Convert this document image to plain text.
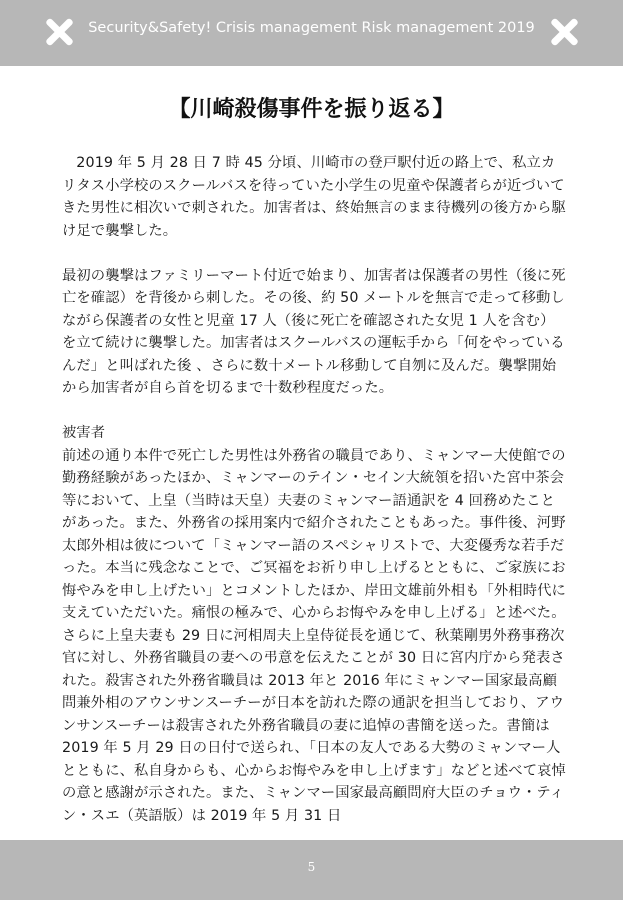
Security&Safety! Crisis management Risk management 2019
【川崎殺傷事件を振り返る】

2019 年 5 月 28 日 7 時 45 分頃、川崎市の登戸駅付近の路上で、私立カリタス小学校のスクールバスを待っていた小学生の児童や保護者らが近づいてきた男性に相次いで刺された。加害者は、終始無言のまま待機列の後方から駆け足で襲撃した。

最初の襲撃はファミリーマート付近で始まり、加害者は保護者の男性（後に死亡を確認）を背後から刺した。その後、約 50 メートルを無言で走って移動しながら保護者の女性と児童 17 人（後に死亡を確認された女児 1 人を含む）を立て続けに襲撃した。加害者はスクールバスの運転手から「何をやっているんだ」と叫ばれた後 、さらに数十メートル移動して自刎に及んだ。襲撃開始から加害者が自ら首を切るまで十数秒程度だった。

被害者

前述の通り本件で死亡した男性は外務省の職員であり、ミャンマー大使館での勤務経験があったほか、ミャンマーのテイン・セイン大統領を招いた宮中茶会等において、上皇（当時は天皇）夫妻のミャンマー語通訳を 4 回務めたことがあった。また、外務省の採用案内で紹介されたこともあった。事件後、河野太郎外相は彼について「ミャンマー語のスペシャリストで、大変優秀な若手だった。本当に残念なことで、ご冥福をお祈り申し上げるとともに、ご家族にお悔やみを申し上げたい」とコメントしたほか、岸田文雄前外相も「外相時代に支えていただいた。痛恨の極みで、心からお悔やみを申し上げる」と述べた。さらに上皇夫妻も 29 日に河相周夫上皇侍従長を通じて、秋葉剛男外務事務次官に対し、外務省職員の妻への弔意を伝えたことが 30 日に宮内庁から発表された。殺害された外務省職員は 2013 年と 2016 年にミャンマー国家最高顧問兼外相のアウンサンスーチーが日本を訪れた際の通訳を担当しており、アウンサンスーチーは殺害された外務省職員の妻に追悼の書簡を送った。書簡は 2019 年 5 月 29 日の日付で送られ、「日本の友人である大勢のミャンマー人とともに、私自身からも、心からお悔やみを申し上げます」などと述べて哀悼の意と感謝が示された。また、ミャンマー国家最高顧問府大臣のチョウ・ティン・スエ（英語版）は 2019 年 5 月 31 日

5
